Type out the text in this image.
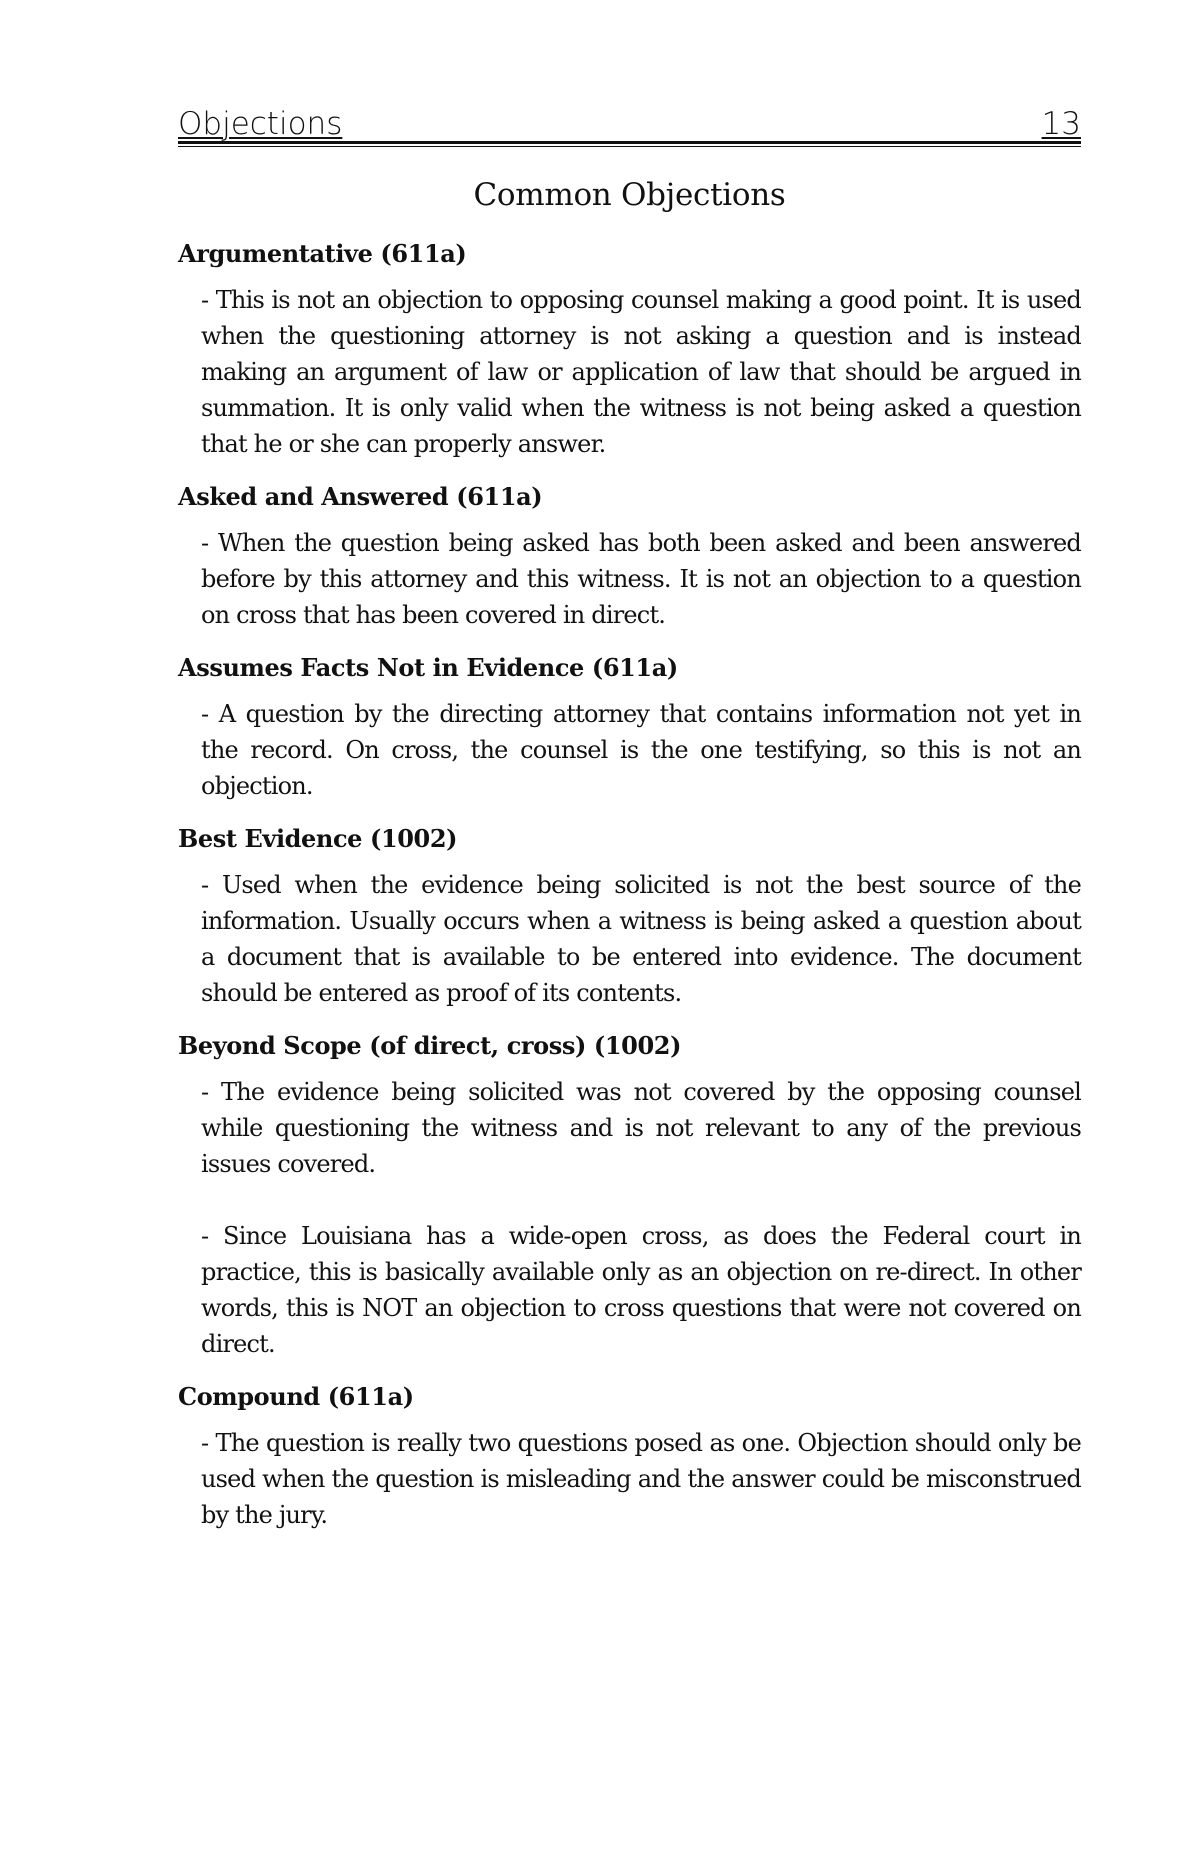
Objections	13
Common Objections
Argumentative (611a)

- This is not an objection to opposing counsel making a good point. It is used when the questioning attorney is not asking a question and is instead making an argument of law or application of law that should be argued in summation. It is only valid when the witness is not being asked a question that he or she can properly answer.

Asked and Answered (611a)

- When the question being asked has both been asked and been answered before by this attorney and this witness. It is not an objection to a question on cross that has been covered in direct.

Assumes Facts Not in Evidence (611a)

- A question by the directing attorney that contains information not yet in the record. On cross, the counsel is the one testifying, so this is not an objection.

Best Evidence (1002)

- Used when the evidence being solicited is not the best source of the information. Usually occurs when a witness is being asked a question about a document that is available to be entered into evidence. The document should be entered as proof of its contents.

Beyond Scope (of direct, cross) (1002)

- The evidence being solicited was not covered by the opposing counsel while questioning the witness and is not relevant to any of the previous issues covered.

- Since Louisiana has a wide-open cross, as does the Federal court in practice, this is basically available only as an objection on re-direct. In other words, this is NOT an objection to cross questions that were not covered on direct.

Compound (611a)

- The question is really two questions posed as one. Objection should only be used when the question is misleading and the answer could be misconstrued by the jury.
